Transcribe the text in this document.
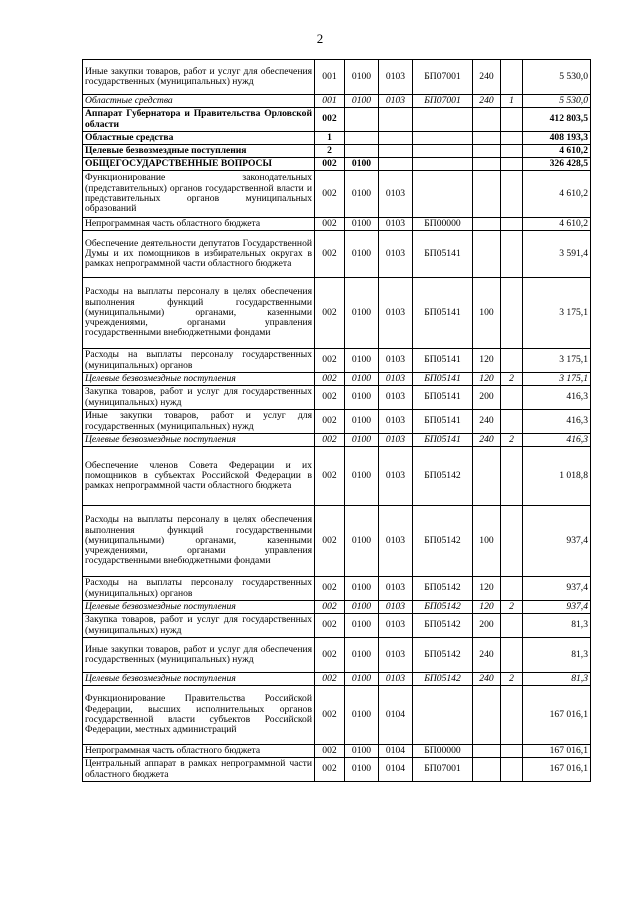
2
Иные закупки товаров, работ и услуг для обеспечения государственных (муниципальных) нужд	001	0100	0103	БП07001	240		5 530,0
Областные средства	001	0100	0103	БП07001	240	1	5 530,0
Аппарат Губернатора и Правительства Орловской области	002						412 803,5
Областные средства	1						408 193,3
Целевые безвозмездные поступления	2						4 610,2
ОБЩЕГОСУДАРСТВЕННЫЕ ВОПРОСЫ	002	0100					326 428,5
Функционирование законодательных (представительных) органов государственной власти и представительных органов муниципальных образований	002	0100	0103				4 610,2
Непрограммная часть областного бюджета	002	0100	0103	БП00000			4 610,2
Обеспечение деятельности депутатов Государственной Думы и их помощников в избирательных округах в рамках непрограммной части областного бюджета	002	0100	0103	БП05141			3 591,4
Расходы на выплаты персоналу в целях обеспечения выполнения функций государственными (муниципальными) органами, казенными учреждениями, органами управления государственными внебюджетными фондами	002	0100	0103	БП05141	100		3 175,1
Расходы на выплаты персоналу государственных (муниципальных) органов	002	0100	0103	БП05141	120		3 175,1
Целевые безвозмездные поступления	002	0100	0103	БП05141	120	2	3 175,1
Закупка товаров, работ и услуг для государственных (муниципальных) нужд	002	0100	0103	БП05141	200		416,3
Иные закупки товаров, работ и услуг для государственных (муниципальных) нужд	002	0100	0103	БП05141	240		416,3
Целевые безвозмездные поступления	002	0100	0103	БП05141	240	2	416,3
Обеспечение членов Совета Федерации и их помощников в субъектах Российской Федерации в рамках непрограммной части областного бюджета	002	0100	0103	БП05142			1 018,8
Расходы на выплаты персоналу в целях обеспечения выполнения функций государственными (муниципальными) органами, казенными учреждениями, органами управления государственными внебюджетными фондами	002	0100	0103	БП05142	100		937,4
Расходы на выплаты персоналу государственных (муниципальных) органов	002	0100	0103	БП05142	120		937,4
Целевые безвозмездные поступления	002	0100	0103	БП05142	120	2	937,4
Закупка товаров, работ и услуг для государственных (муниципальных) нужд	002	0100	0103	БП05142	200		81,3
Иные закупки товаров, работ и услуг для обеспечения государственных (муниципальных) нужд	002	0100	0103	БП05142	240		81,3
Целевые безвозмездные поступления	002	0100	0103	БП05142	240	2	81,3
Функционирование Правительства Российской Федерации, высших исполнительных органов государственной власти субъектов Российской Федерации, местных администраций	002	0100	0104				167 016,1
Непрограммная часть областного бюджета	002	0100	0104	БП00000			167 016,1
Центральный аппарат в рамках непрограммной части областного бюджета	002	0100	0104	БП07001			167 016,1
